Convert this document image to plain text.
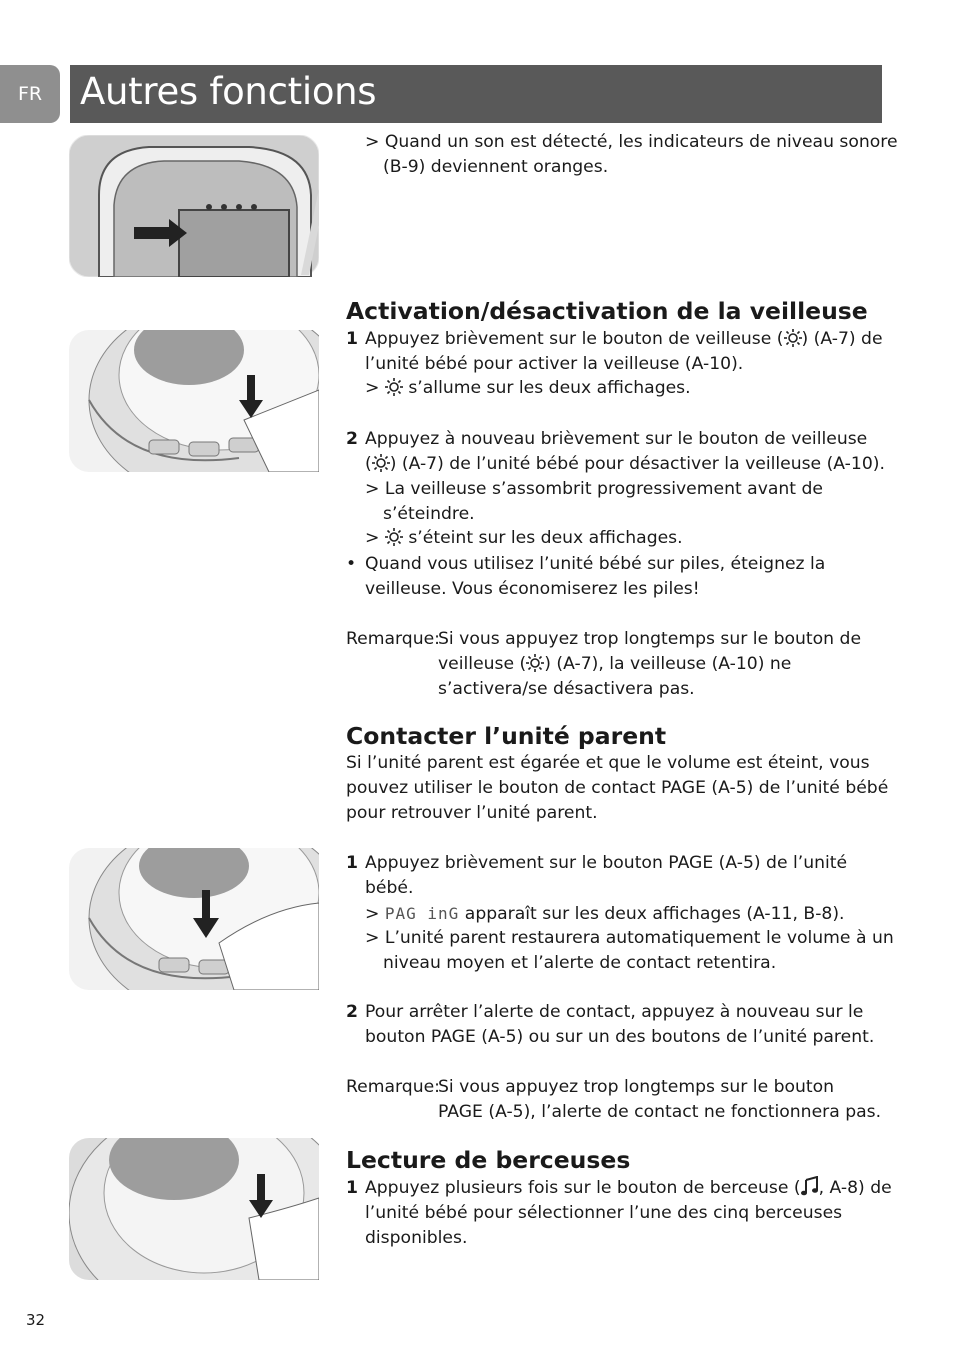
FR	Autres fonctions
> Quand un son est détecté, les indicateurs de niveau sonore
(B-9) deviennent oranges.
Activation/désactivation de la veilleuse
1 Appuyez brièvement sur le bouton de veilleuse ( ) (A-7) de
l’unité bébé pour activer la veilleuse (A-10).
>  s’allume sur les deux affichages.
2 Appuyez à nouveau brièvement sur le bouton de veilleuse
( ) (A-7) de l’unité bébé pour désactiver la veilleuse (A-10).
> La veilleuse s’assombrit progressivement avant de
s’éteindre.
>  s’éteint sur les deux affichages.
• Quand vous utilisez l’unité bébé sur piles, éteignez la
veilleuse. Vous économiserez les piles!
Remarque:
Si vous appuyez trop longtemps sur le bouton de
veilleuse ( ) (A-7), la veilleuse (A-10) ne
s’activera/se désactivera pas.
Contacter l’unité parent
Si l’unité parent est égarée et que le volume est éteint, vous
pouvez utiliser le bouton de contact PAGE (A-5) de l’unité bébé
pour retrouver l’unité parent.
1 Appuyez brièvement sur le bouton PAGE (A-5) de l’unité
bébé.
> PAG inG apparaît sur les deux affichages (A-11, B-8).
> L’unité parent restaurera automatiquement le volume à un
niveau moyen et l’alerte de contact retentira.
2 Pour arrêter l’alerte de contact, appuyez à nouveau sur le
bouton PAGE (A-5) ou sur un des boutons de l’unité parent.
Remarque:
Si vous appuyez trop longtemps sur le bouton
PAGE (A-5), l’alerte de contact ne fonctionnera pas.
Lecture de berceuses
1 Appuyez plusieurs fois sur le bouton de berceuse ( , A-8) de
l’unité bébé pour sélectionner l’une des cinq berceuses
disponibles.
32
